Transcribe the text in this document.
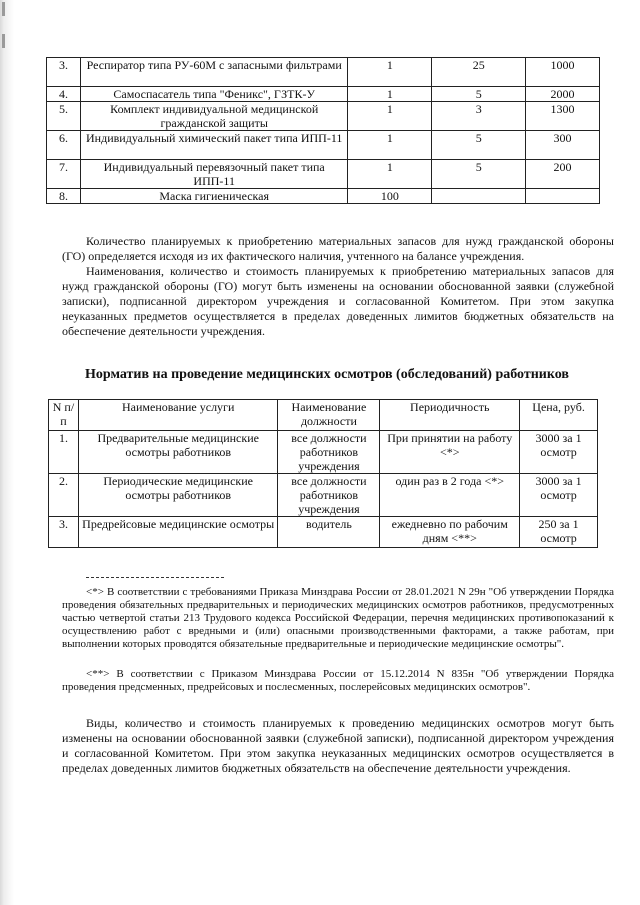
3.	Респиратор типа РУ-60М с запасными фильтрами	1	25	1000
4.	Самоспасатель типа "Феникс", ГЗТК-У	1	5	2000
5.	Комплект индивидуальной медицинской гражданской защиты	1	3	1300
6.	Индивидуальный химический пакет типа ИПП-11	1	5	300
7.	Индивидуальный перевязочный пакет типа ИПП-11	1	5	200
8.	Маска гигиеническая	100		
Количество планируемых к приобретению материальных запасов для нужд гражданской обороны (ГО) определяется исходя из их фактического наличия, учтенного на балансе учреждения.
Наименования, количество и стоимость планируемых к приобретению материальных запасов для нужд гражданской обороны (ГО) могут быть изменены на основании обоснованной заявки (служебной записки), подписанной директором учреждения и согласованной Комитетом. При этом закупка неуказанных предметов осуществляется в пределах доведенных лимитов бюджетных обязательств на обеспечение деятельности учреждения.
Норматив на проведение медицинских осмотров (обследований) работников
N п/п	Наименование услуги	Наименование должности	Периодичность	Цена, руб.
1.	Предварительные медицинские осмотры работников	все должности работников учреждения	При принятии на работу <*>	3000 за 1 осмотр
2.	Периодические медицинские осмотры работников	все должности работников учреждения	один раз в 2 года <*>	3000 за 1 осмотр
3.	Предрейсовые медицинские осмотры	водитель	ежедневно по рабочим дням <**>	250 за 1 осмотр
<*> В соответствии с требованиями Приказа Минздрава России от 28.01.2021 N 29н "Об утверждении Порядка проведения обязательных предварительных и периодических медицинских осмотров работников, предусмотренных частью четвертой статьи 213 Трудового кодекса Российской Федерации, перечня медицинских противопоказаний к осуществлению работ с вредными и (или) опасными производственными факторами, а также работам, при выполнении которых проводятся обязательные предварительные и периодические медицинские осмотры".
<**> В соответствии с Приказом Минздрава России от 15.12.2014 N 835н "Об утверждении Порядка проведения предсменных, предрейсовых и послесменных, послерейсовых медицинских осмотров".
Виды, количество и стоимость планируемых к проведению медицинских осмотров могут быть изменены на основании обоснованной заявки (служебной записки), подписанной директором учреждения и согласованной Комитетом. При этом закупка неуказанных медицинских осмотров осуществляется в пределах доведенных лимитов бюджетных обязательств на обеспечение деятельности учреждения.
